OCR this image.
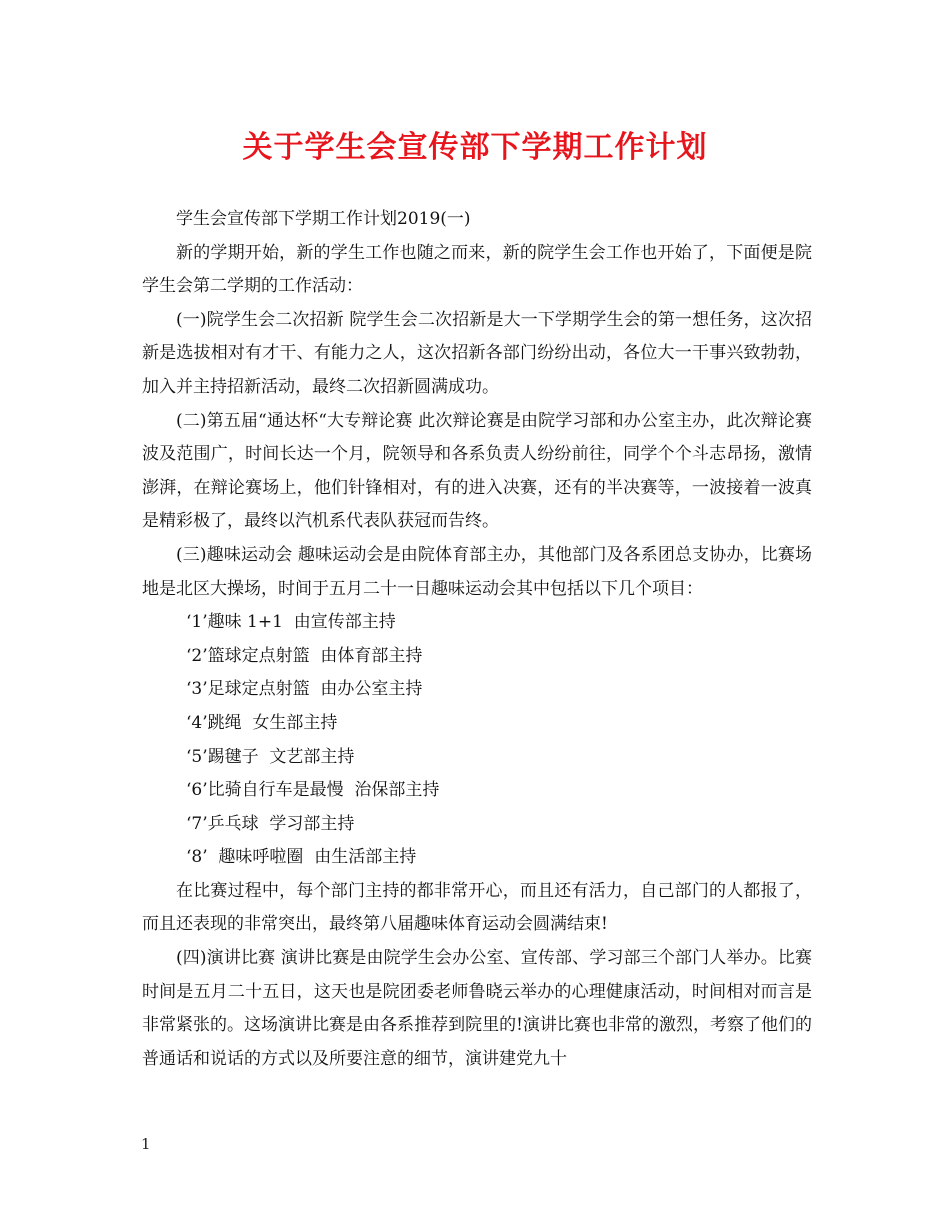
关于学生会宣传部下学期工作计划

学生会宣传部下学期工作计划2019(一)

新的学期开始，新的学生工作也随之而来，新的院学生会工作也开始了，下面便是院学生会第二学期的工作活动：

(一)院学生会二次招新 院学生会二次招新是大一下学期学生会的第一想任务，这次招新是选拔相对有才干、有能力之人，这次招新各部门纷纷出动，各位大一干事兴致勃勃，加入并主持招新活动，最终二次招新圆满成功。

(二)第五届“通达杯“大专辩论赛 此次辩论赛是由院学习部和办公室主办，此次辩论赛波及范围广，时间长达一个月，院领导和各系负责人纷纷前往，同学个个斗志昂扬，激情澎湃，在辩论赛场上，他们针锋相对，有的进入决赛，还有的半决赛等，一波接着一波真是精彩极了，最终以汽机系代表队获冠而告终。

(三)趣味运动会 趣味运动会是由院体育部主办，其他部门及各系团总支协办，比赛场地是北区大操场，时间于五月二十一日趣味运动会其中包括以下几个项目：

‘1’趣味 1+1  由宣传部主持

‘2’篮球定点射篮  由体育部主持

‘3’足球定点射篮  由办公室主持

‘4’跳绳  女生部主持

‘5’踢毽子  文艺部主持

‘6’比骑自行车是最慢  治保部主持

‘7’乒乓球  学习部主持

‘8’  趣味呼啦圈  由生活部主持

在比赛过程中，每个部门主持的都非常开心，而且还有活力，自己部门的人都报了，而且还表现的非常突出，最终第八届趣味体育运动会圆满结束!

(四)演讲比赛 演讲比赛是由院学生会办公室、宣传部、学习部三个部门人举办。比赛时间是五月二十五日，这天也是院团委老师鲁晓云举办的心理健康活动，时间相对而言是非常紧张的。这场演讲比赛是由各系推荐到院里的!演讲比赛也非常的激烈，考察了他们的普通话和说话的方式以及所要注意的细节，演讲建党九十

1
